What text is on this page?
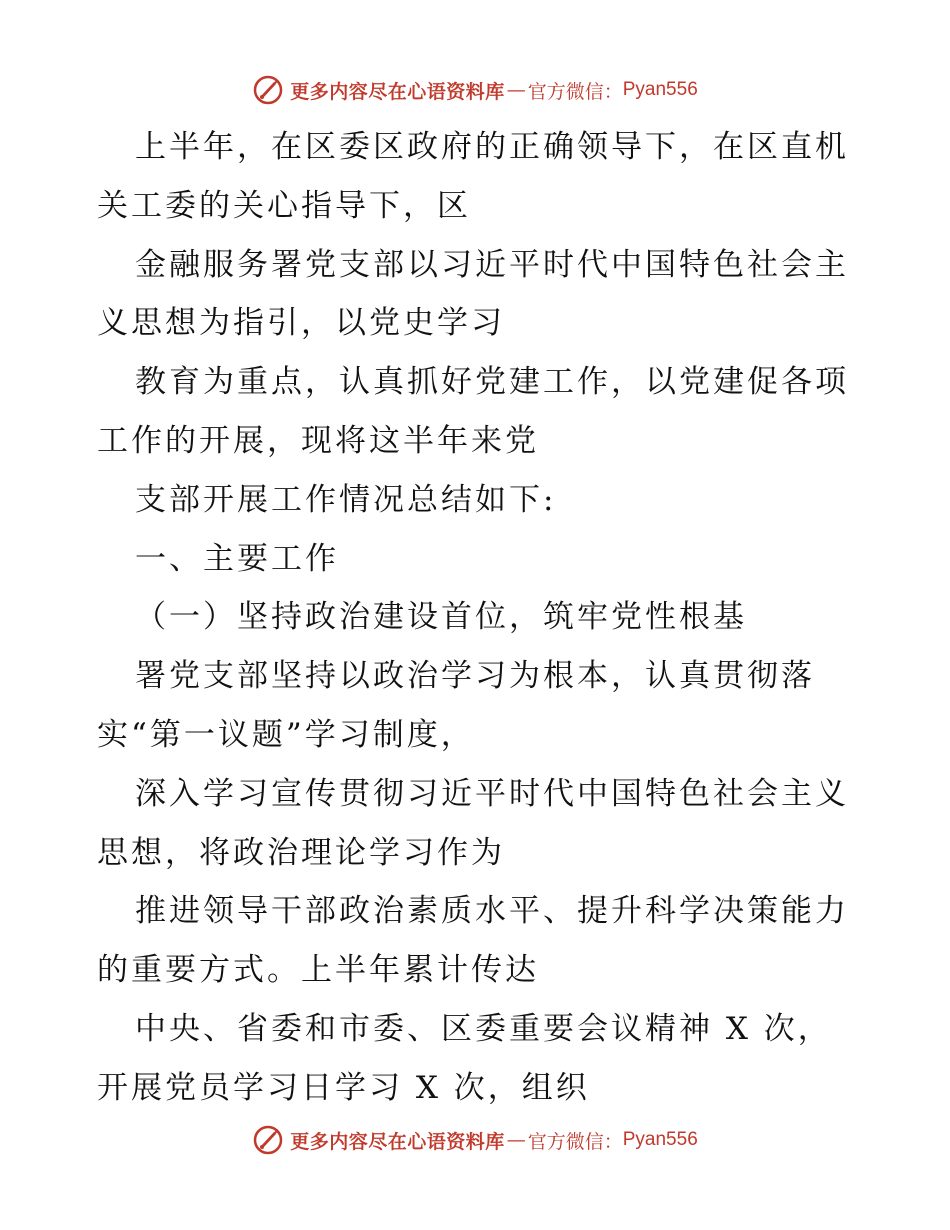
更多内容尽在心语资料库 — 官方微信： Pyan556
上半年，在区委区政府的正确领导下，在区直机
关工委的关心指导下，区
金融服务署党支部以习近平时代中国特色社会主
义思想为指引，以党史学习
教育为重点，认真抓好党建工作，以党建促各项
工作的开展，现将这半年来党
支部开展工作情况总结如下:
一、主要工作
（一）坚持政治建设首位，筑牢党性根基
署党支部坚持以政治学习为根本，认真贯彻落
实“第一议题”学习制度，
深入学习宣传贯彻习近平时代中国特色社会主义
思想，将政治理论学习作为
推进领导干部政治素质水平、提升科学决策能力
的重要方式。上半年累计传达
中央、省委和市委、区委重要会议精神 X 次，
开展党员学习日学习 X 次，组织
更多内容尽在心语资料库 — 官方微信： Pyan556
